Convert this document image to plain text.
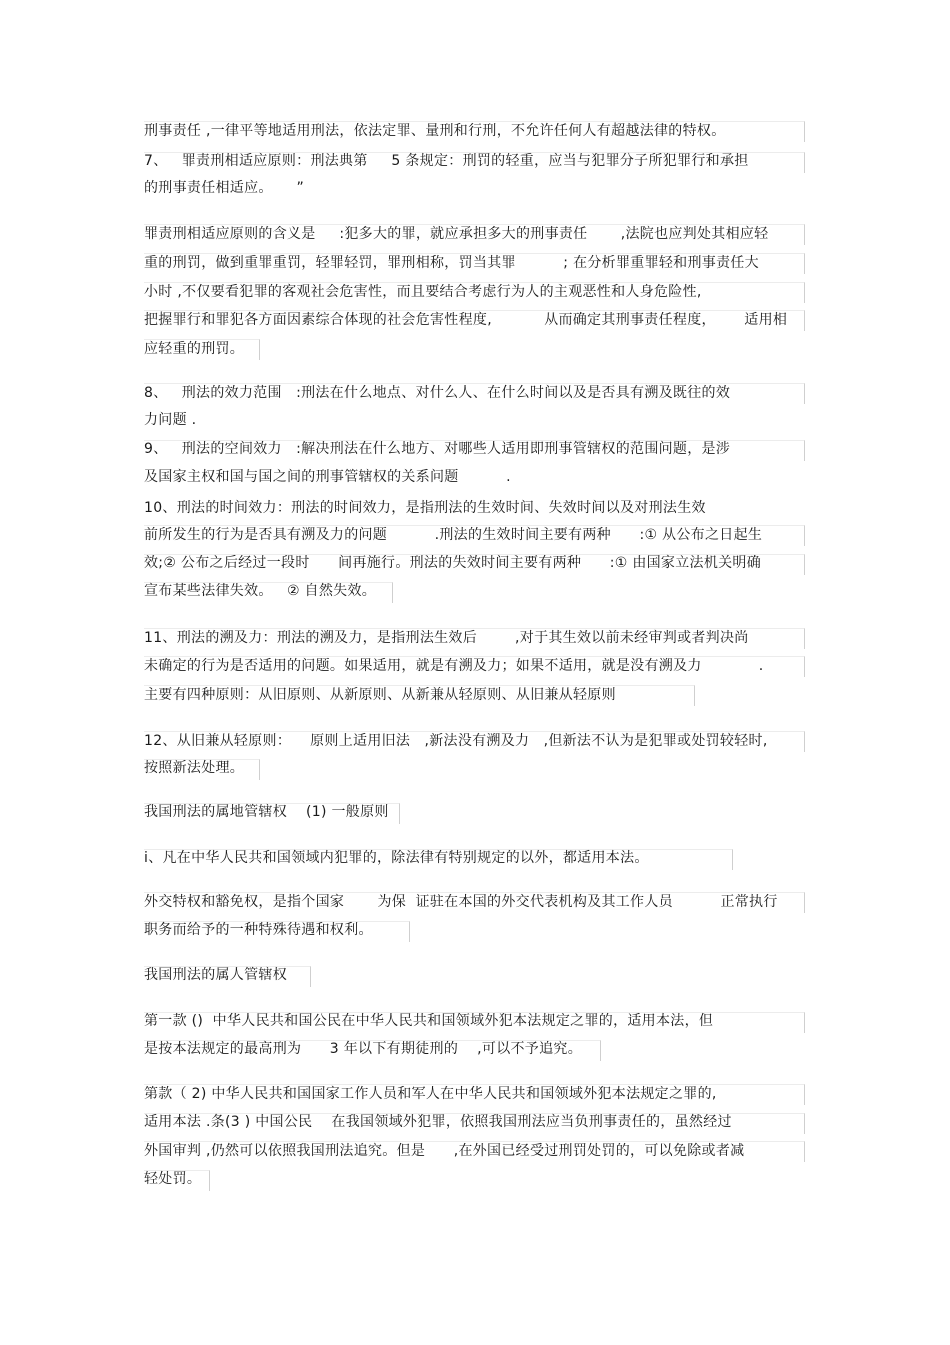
刑事责任 ,一律平等地适用刑法，依法定罪、量刑和行刑，不允许任何人有超越法律的特权。
7、   罪责刑相适应原则：刑法典第     5 条规定：刑罚的轻重，应当与犯罪分子所犯罪行和承担
的刑事责任相适应。     ”
罪责刑相适应原则的含义是     :犯多大的罪，就应承担多大的刑事责任       ,法院也应判处其相应轻
重的刑罚，做到重罪重罚，轻罪轻罚，罪刑相称，罚当其罪          ; 在分析罪重罪轻和刑事责任大
小时 ,不仅要看犯罪的客观社会危害性，而且要结合考虑行为人的主观恶性和人身危险性,
把握罪行和罪犯各方面因素综合体现的社会危害性程度,           从而确定其刑事责任程度，      适用相
应轻重的刑罚。
8、   刑法的效力范围   :刑法在什么地点、对什么人、在什么时间以及是否具有溯及既往的效
力问题 .
9、   刑法的空间效力   :解决刑法在什么地方、对哪些人适用即刑事管辖权的范围问题，是涉
及国家主权和国与国之间的刑事管辖权的关系问题          .
10、刑法的时间效力：刑法的时间效力，是指刑法的生效时间、失效时间以及对刑法生效
前所发生的行为是否具有溯及力的问题          .刑法的生效时间主要有两种      :① 从公布之日起生
效;② 公布之后经过一段时      间再施行。刑法的失效时间主要有两种      :① 由国家立法机关明确
宣布某些法律失效。   ② 自然失效。
11、刑法的溯及力：刑法的溯及力，是指刑法生效后        ,对于其生效以前未经审判或者判决尚
未确定的行为是否适用的问题。如果适用，就是有溯及力；如果不适用，就是没有溯及力            .
主要有四种原则：从旧原则、从新原则、从新兼从轻原则、从旧兼从轻原则
12、从旧兼从轻原则：    原则上适用旧法   ,新法没有溯及力   ,但新法不认为是犯罪或处罚较轻时,
按照新法处理。
我国刑法的属地管辖权    (1) 一般原则
i、凡在中华人民共和国领域内犯罪的，除法律有特别规定的以外，都适用本法。
外交特权和豁免权，是指个国家       为保  证驻在本国的外交代表机构及其工作人员          正常执行
职务而给予的一种特殊待遇和权利。
我国刑法的属人管辖权
第一款 ()  中华人民共和国公民在中华人民共和国领域外犯本法规定之罪的，适用本法，但
是按本法规定的最高刑为      3 年以下有期徒刑的    ,可以不予追究。
第款（ 2) 中华人民共和国国家工作人员和军人在中华人民共和国领域外犯本法规定之罪的,
适用本法 .条(3 ) 中国公民    在我国领域外犯罪，依照我国刑法应当负刑事责任的，虽然经过
外国审判 ,仍然可以依照我国刑法追究。但是      ,在外国已经受过刑罚处罚的，可以免除或者减
轻处罚。
